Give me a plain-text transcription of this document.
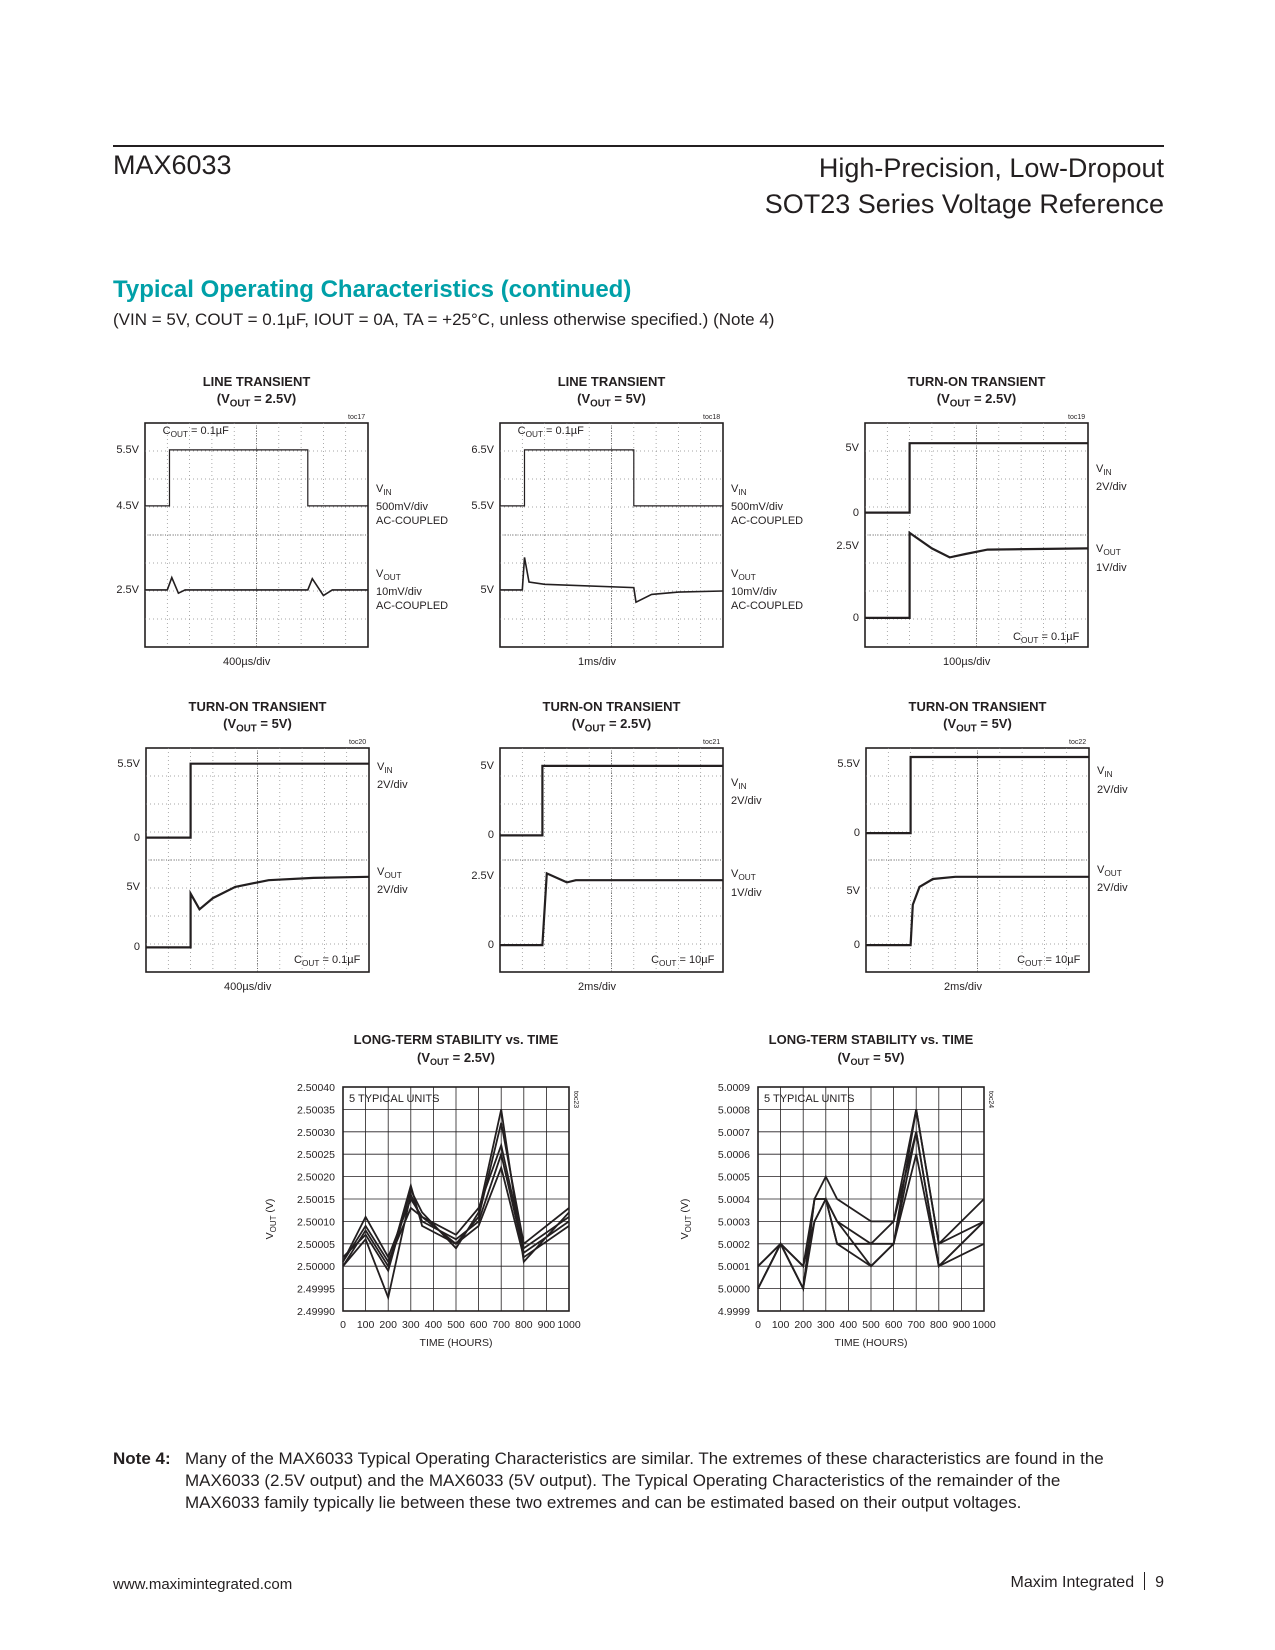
MAX6033	High-Precision, Low-Dropout
SOT23 Series Voltage Reference
Typical Operating Characteristics (continued)
(VIN = 5V, COUT = 0.1µF, IOUT = 0A, TA = +25°C, unless otherwise specified.) (Note 4)
LINE TRANSIENT
$(V_{OUT} = 2.5V)$
toc17
400µs/div
5.5V
4.5V
2.5V
$V_{IN}$
500mV/div
AC-COUPLED
$V_{OUT}$
10mV/div
AC-COUPLED
$C_{OUT} = 0.1\mu F$
LINE TRANSIENT
$(V_{OUT} = 5V)$
toc18
1ms/div
6.5V
5.5V
5V
$V_{IN}$
500mV/div
AC-COUPLED
$V_{OUT}$
10mV/div
AC-COUPLED
$C_{OUT} = 0.1\mu F$
TURN-ON TRANSIENT
$(V_{OUT} = 2.5V)$
toc19
100µs/div
5V
0
2.5V
0
$V_{IN}$
2V/div
$V_{OUT}$
1V/div
$C_{OUT} = 0.1\mu F$
TURN-ON TRANSIENT
$(V_{OUT} = 5V)$
toc20
400µs/div
5.5V
0
5V
0
$V_{IN}$
2V/div
$V_{OUT}$
2V/div
$C_{OUT} = 0.1\mu F$
TURN-ON TRANSIENT
$(V_{OUT} = 2.5V)$
toc21
2ms/div
5V
0
2.5V
0
$V_{IN}$
2V/div
$V_{OUT}$
1V/div
$C_{OUT} = 10\mu F$
TURN-ON TRANSIENT
$(V_{OUT} = 5V)$
toc22
2ms/div
5.5V
0
5V
0
$V_{IN}$
2V/div
$V_{OUT}$
2V/div
$C_{OUT} = 10\mu F$
LONG-TERM STABILITY vs. TIME
$(V_{OUT} = 2.5V)$
toc23
5 TYPICAL UNITS
2.50040
2.50035
2.50030
2.50025
2.50020
2.50015
2.50010
2.50005
2.50000
2.49995
2.49990
0 100 200 300 400 500 600 700 800 900 1000
TIME (HOURS)
$V_{OUT}$ (V)
LONG-TERM STABILITY vs. TIME
$(V_{OUT} = 5V)$
toc24
5 TYPICAL UNITS
5.0009
5.0008
5.0007
5.0006
5.0005
5.0004
5.0003
5.0002
5.0001
5.0000
4.9999
0 100 200 300 400 500 600 700 800 900 1000
TIME (HOURS)
$V_{OUT}$ (V)
Note 4: Many of the MAX6033 Typical Operating Characteristics are similar. The extremes of these characteristics are found in the MAX6033 (2.5V output) and the MAX6033 (5V output). The Typical Operating Characteristics of the remainder of the MAX6033 family typically lie between these two extremes and can be estimated based on their output voltages.
www.maximintegrated.com	Maxim Integrated 9
